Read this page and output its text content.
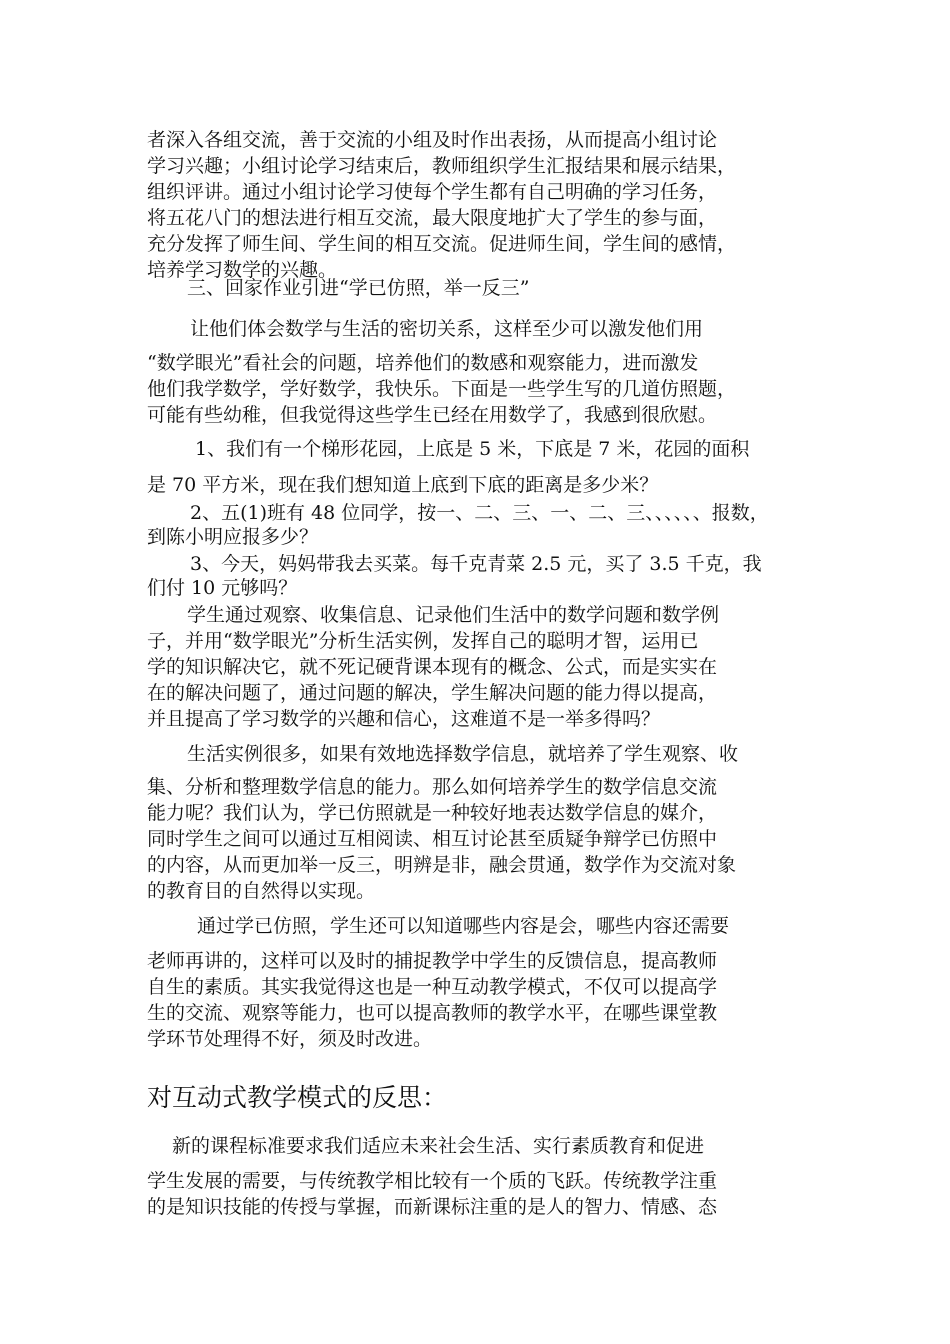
者深入各组交流，善于交流的小组及时作出表扬，从而提高小组讨论
学习兴趣；小组讨论学习结束后，教师组织学生汇报结果和展示结果，
组织评讲。通过小组讨论学习使每个学生都有自己明确的学习任务，
将五花八门的想法进行相互交流，最大限度地扩大了学生的参与面，
充分发挥了师生间、学生间的相互交流。促进师生间，学生间的感情，
培养学习数学的兴趣。
三、回家作业引进“学已仿照，举一反三”
让他们体会数学与生活的密切关系，这样至少可以激发他们用
“数学眼光”看社会的问题，培养他们的数感和观察能力，进而激发
他们我学数学，学好数学，我快乐。下面是一些学生写的几道仿照题，
可能有些幼稚，但我觉得这些学生已经在用数学了，我感到很欣慰。
1、我们有一个梯形花园，上底是 5 米，下底是 7 米，花园的面积
是 70 平方米，现在我们想知道上底到下底的距离是多少米？
2、五(1)班有 48 位同学，按一、二、三、一、二、三、、、、、、报数，
到陈小明应报多少？
3、今天，妈妈带我去买菜。每千克青菜 2.5 元，买了 3.5 千克，我
们付 10 元够吗？
学生通过观察、收集信息、记录他们生活中的数学问题和数学例
子，并用“数学眼光”分析生活实例，发挥自己的聪明才智，运用已
学的知识解决它，就不死记硬背课本现有的概念、公式，而是实实在
在的解决问题了，通过问题的解决，学生解决问题的能力得以提高，
并且提高了学习数学的兴趣和信心，这难道不是一举多得吗？
生活实例很多，如果有效地选择数学信息，就培养了学生观察、收
集、分析和整理数学信息的能力。那么如何培养学生的数学信息交流
能力呢？我们认为，学已仿照就是一种较好地表达数学信息的媒介，
同时学生之间可以通过互相阅读、相互讨论甚至质疑争辩学已仿照中
的内容，从而更加举一反三，明辨是非，融会贯通，数学作为交流对象
的教育目的自然得以实现。
通过学已仿照，学生还可以知道哪些内容是会，哪些内容还需要
老师再讲的，这样可以及时的捕捉教学中学生的反馈信息，提高教师
自生的素质。其实我觉得这也是一种互动教学模式，不仅可以提高学
生的交流、观察等能力，也可以提高教师的教学水平，在哪些课堂教
学环节处理得不好，须及时改进。
对互动式教学模式的反思：
新的课程标准要求我们适应未来社会生活、实行素质教育和促进
学生发展的需要，与传统教学相比较有一个质的飞跃。传统教学注重
的是知识技能的传授与掌握，而新课标注重的是人的智力、情感、态
